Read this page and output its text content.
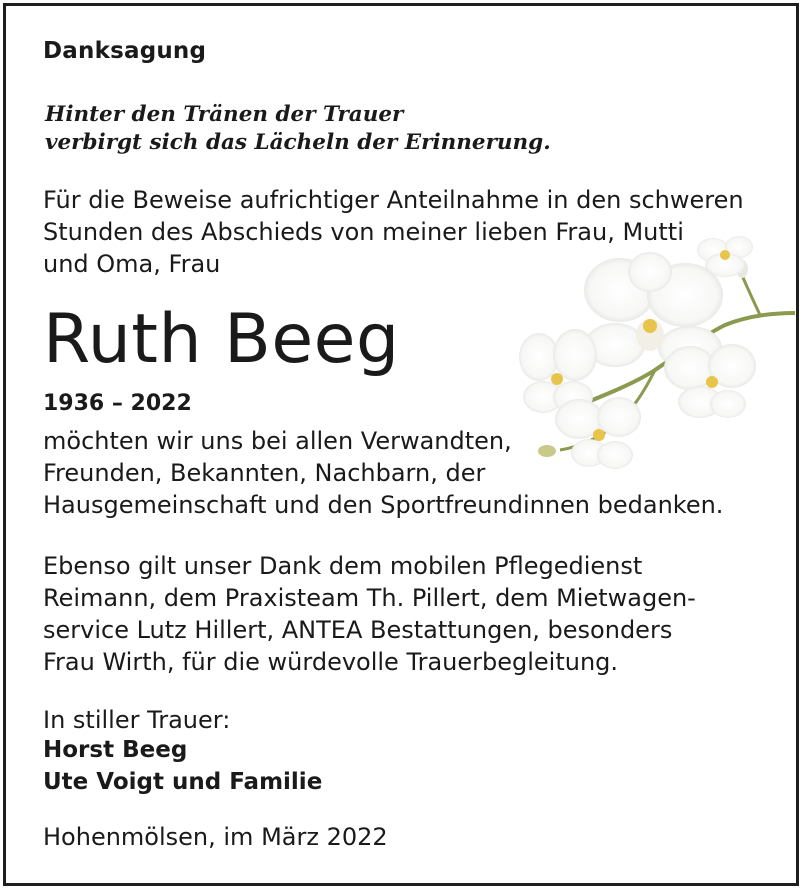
Danksagung

Hinter den Tränen der Trauer

verbirgt sich das Lächeln der Erinnerung.

Für die Beweise aufrichtiger Anteilnahme in den schweren

Stunden des Abschieds von meiner lieben Frau, Mutti

und Oma, Frau

Ruth Beeg

1936 – 2022

möchten wir uns bei allen Verwandten,

Freunden, Bekannten, Nachbarn, der

Hausgemeinschaft und den Sportfreundinnen bedanken.

Ebenso gilt unser Dank dem mobilen Pflegedienst

Reimann, dem Praxisteam Th. Pillert, dem Mietwagen-

service Lutz Hillert, ANTEA Bestattungen, besonders

Frau Wirth, für die würdevolle Trauerbegleitung.

In stiller Trauer:

Horst Beeg

Ute Voigt und Familie

Hohenmölsen, im März 2022
